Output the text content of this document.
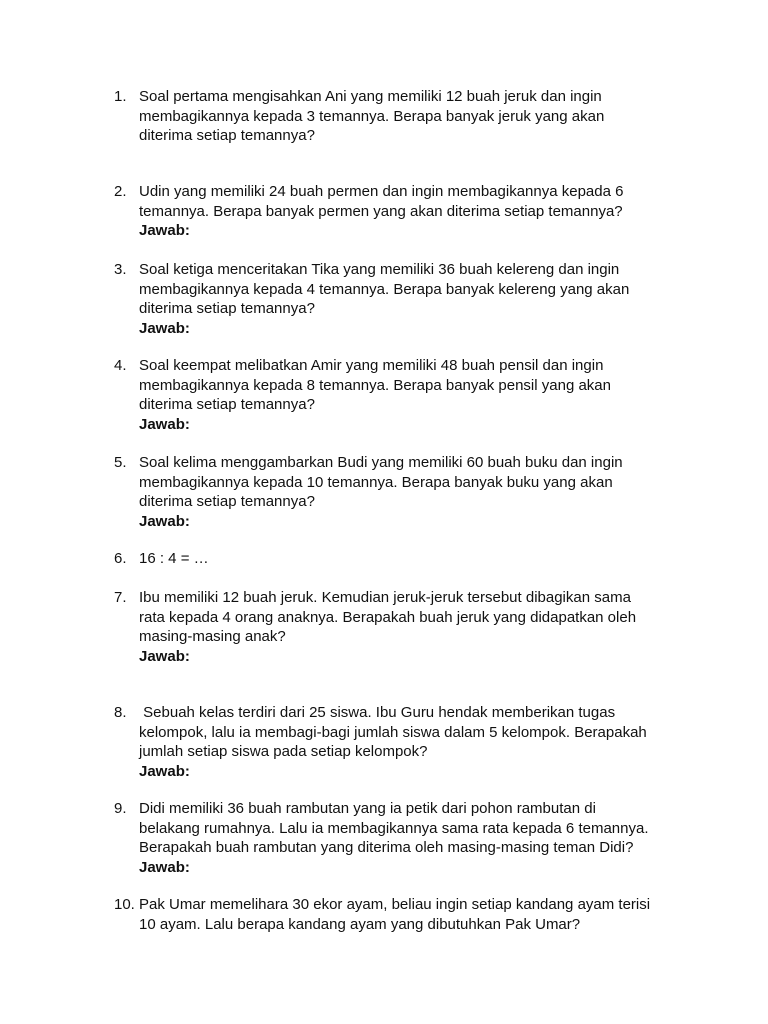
1. Soal pertama mengisahkan Ani yang memiliki 12 buah jeruk dan ingin
membagikannya kepada 3 temannya. Berapa banyak jeruk yang akan
diterima setiap temannya?
2. Udin yang memiliki 24 buah permen dan ingin membagikannya kepada 6
temannya. Berapa banyak permen yang akan diterima setiap temannya?
Jawab:
3. Soal ketiga menceritakan Tika yang memiliki 36 buah kelereng dan ingin
membagikannya kepada 4 temannya. Berapa banyak kelereng yang akan
diterima setiap temannya?
Jawab:
4. Soal keempat melibatkan Amir yang memiliki 48 buah pensil dan ingin
membagikannya kepada 8 temannya. Berapa banyak pensil yang akan
diterima setiap temannya?
Jawab:
5. Soal kelima menggambarkan Budi yang memiliki 60 buah buku dan ingin
membagikannya kepada 10 temannya. Berapa banyak buku yang akan
diterima setiap temannya?
Jawab:
6. 16 : 4 = …
7. Ibu memiliki 12 buah jeruk. Kemudian jeruk-jeruk tersebut dibagikan sama
rata kepada 4 orang anaknya. Berapakah buah jeruk yang didapatkan oleh
masing-masing anak?
Jawab:
8. Sebuah kelas terdiri dari 25 siswa. Ibu Guru hendak memberikan tugas
kelompok, lalu ia membagi-bagi jumlah siswa dalam 5 kelompok. Berapakah
jumlah setiap siswa pada setiap kelompok?
Jawab:
9. Didi memiliki 36 buah rambutan yang ia petik dari pohon rambutan di
belakang rumahnya. Lalu ia membagikannya sama rata kepada 6 temannya.
Berapakah buah rambutan yang diterima oleh masing-masing teman Didi?
Jawab:
10. Pak Umar memelihara 30 ekor ayam, beliau ingin setiap kandang ayam terisi
10 ayam. Lalu berapa kandang ayam yang dibutuhkan Pak Umar?
